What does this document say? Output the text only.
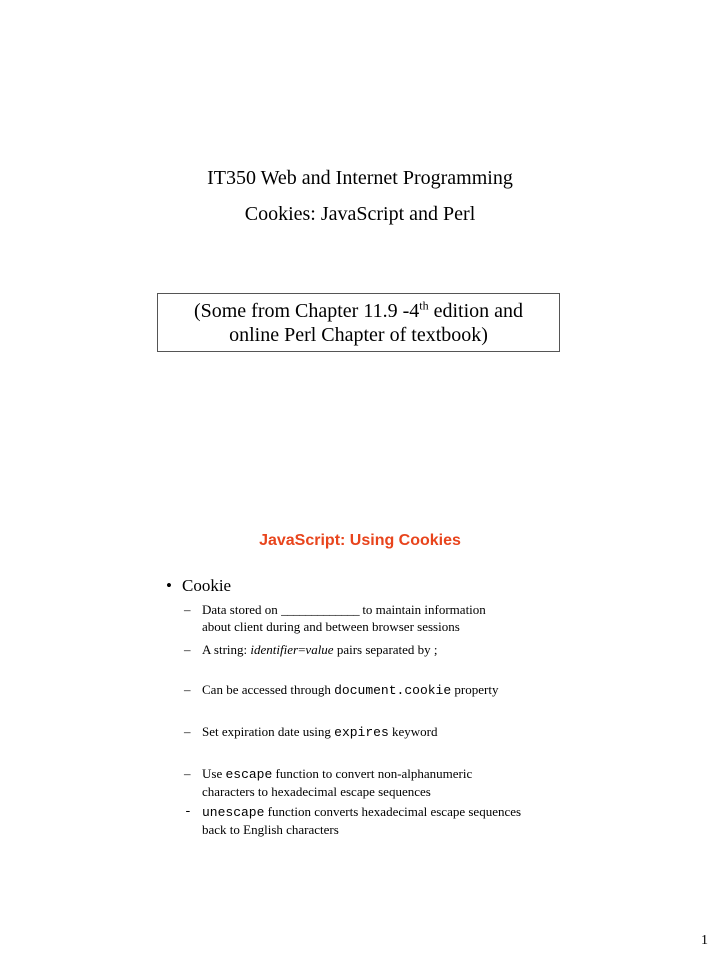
IT350 Web and Internet Programming
Cookies: JavaScript and Perl
(Some from Chapter 11.9 -4th edition and
online Perl Chapter of textbook)
JavaScript: Using Cookies
• Cookie
– Data stored on _____________ to maintain information
about client during and between browser sessions
– A string: identifier=value pairs separated by ;
– Can be accessed through document.cookie property
– Set expiration date using expires keyword
– Use escape function to convert non-alphanumeric
characters to hexadecimal escape sequences
- unescape function converts hexadecimal escape sequences
back to English characters
1
